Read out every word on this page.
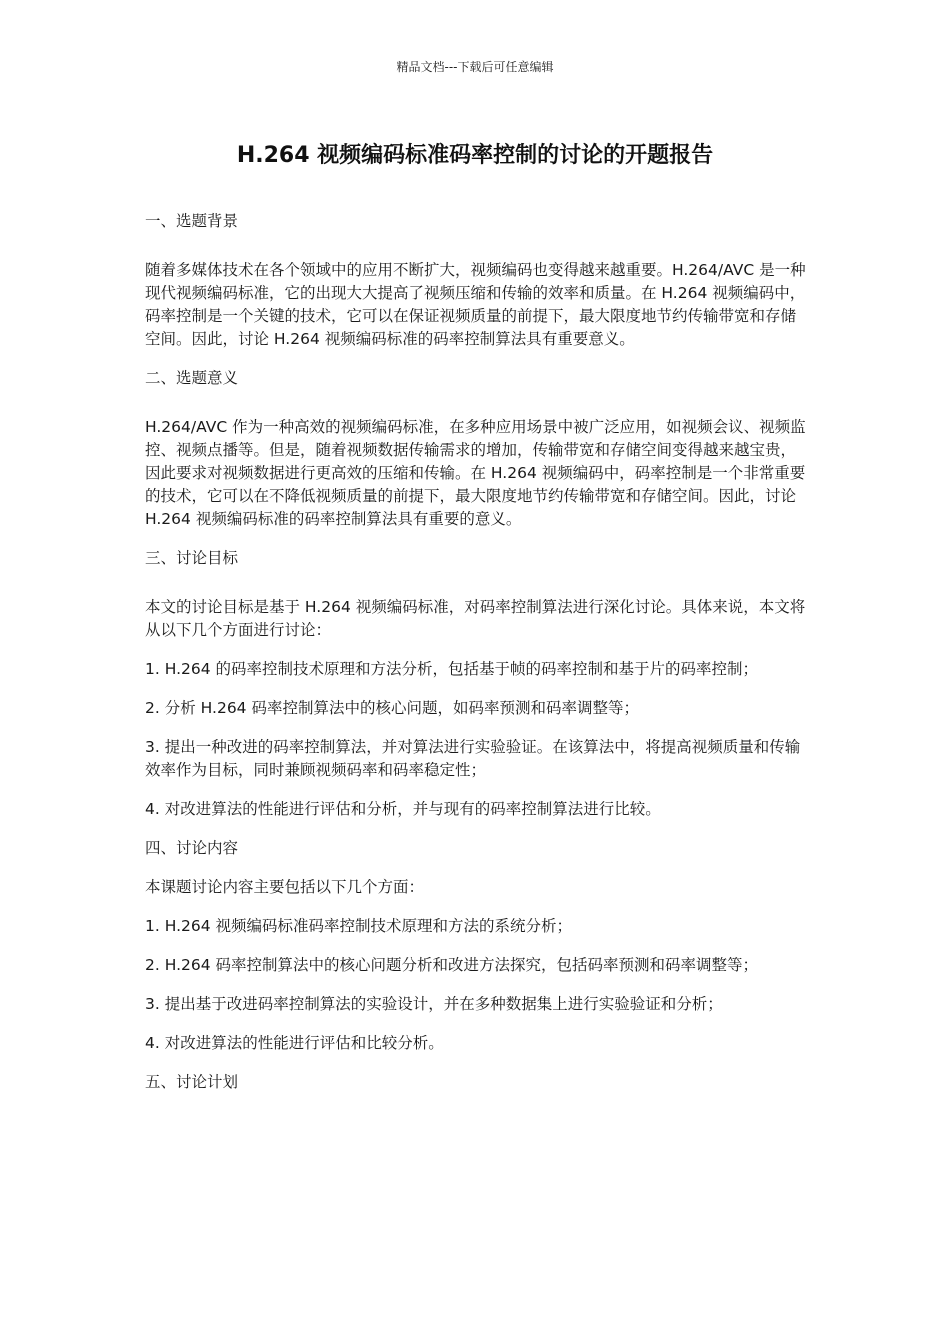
精品文档---下载后可任意编辑
H.264 视频编码标准码率控制的讨论的开题报告

一、选题背景

随着多媒体技术在各个领域中的应用不断扩大，视频编码也变得越来越重要。H.264/AVC 是一种现代视频编码标准，它的出现大大提高了视频压缩和传输的效率和质量。在 H.264 视频编码中，码率控制是一个关键的技术，它可以在保证视频质量的前提下，最大限度地节约传输带宽和存储空间。因此，讨论 H.264 视频编码标准的码率控制算法具有重要意义。

二、选题意义

H.264/AVC 作为一种高效的视频编码标准，在多种应用场景中被广泛应用，如视频会议、视频监控、视频点播等。但是，随着视频数据传输需求的增加，传输带宽和存储空间变得越来越宝贵，因此要求对视频数据进行更高效的压缩和传输。在 H.264 视频编码中，码率控制是一个非常重要的技术，它可以在不降低视频质量的前提下，最大限度地节约传输带宽和存储空间。因此，讨论 H.264 视频编码标准的码率控制算法具有重要的意义。

三、讨论目标

本文的讨论目标是基于 H.264 视频编码标准，对码率控制算法进行深化讨论。具体来说，本文将从以下几个方面进行讨论：

1. H.264 的码率控制技术原理和方法分析，包括基于帧的码率控制和基于片的码率控制；

2. 分析 H.264 码率控制算法中的核心问题，如码率预测和码率调整等；

3. 提出一种改进的码率控制算法，并对算法进行实验验证。在该算法中，将提高视频质量和传输效率作为目标，同时兼顾视频码率和码率稳定性；

4. 对改进算法的性能进行评估和分析，并与现有的码率控制算法进行比较。

四、讨论内容

本课题讨论内容主要包括以下几个方面：

1. H.264 视频编码标准码率控制技术原理和方法的系统分析；

2. H.264 码率控制算法中的核心问题分析和改进方法探究，包括码率预测和码率调整等；

3. 提出基于改进码率控制算法的实验设计，并在多种数据集上进行实验验证和分析；

4. 对改进算法的性能进行评估和比较分析。

五、讨论计划
